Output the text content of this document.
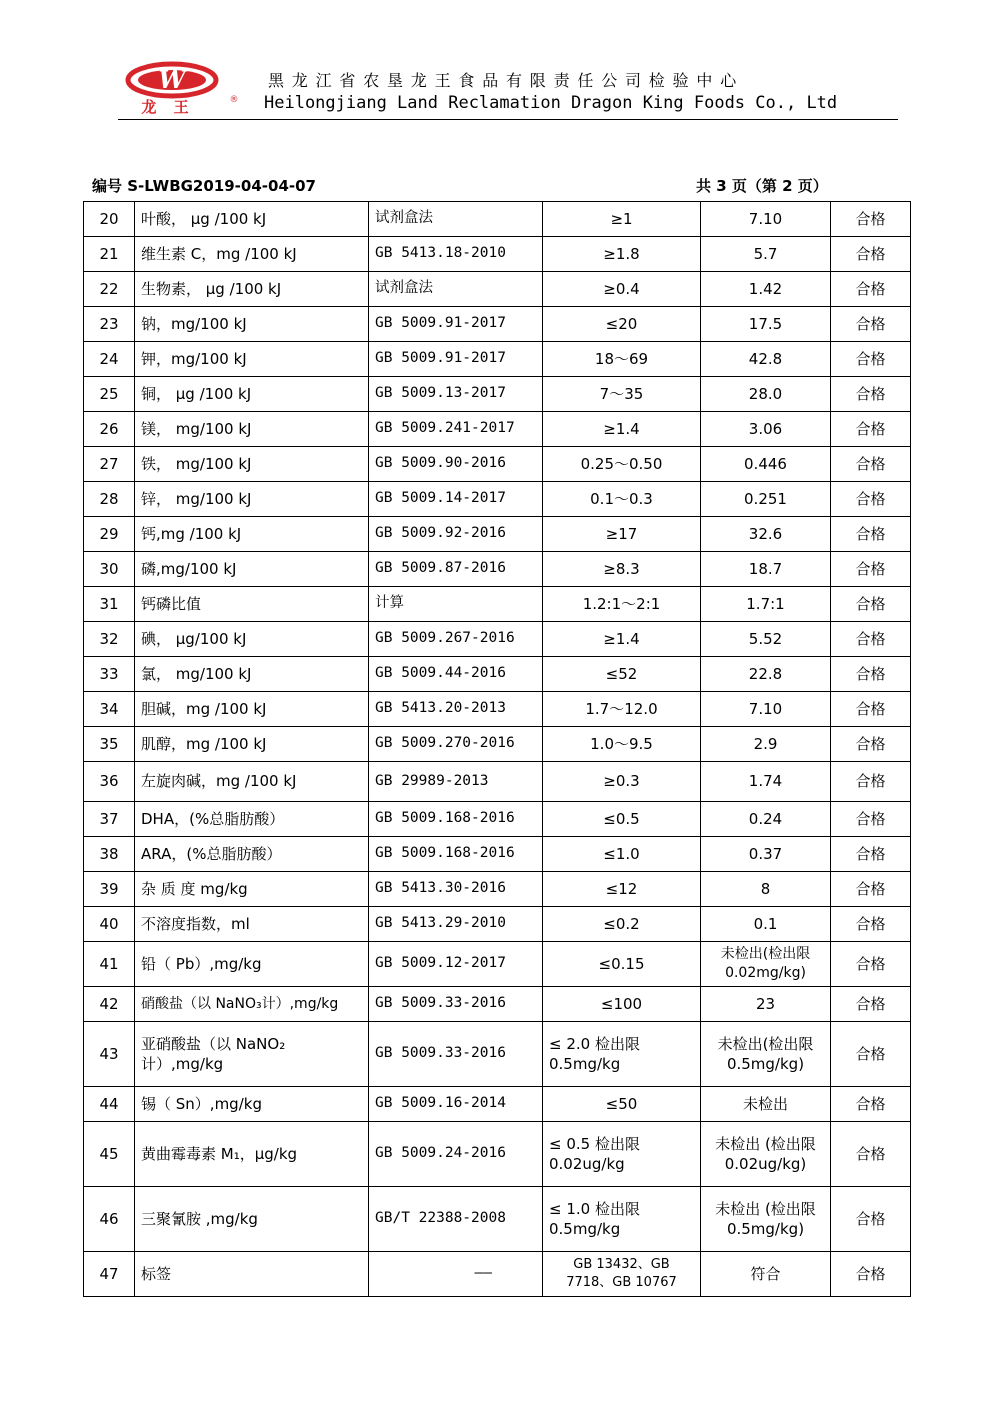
W
龙 王	®
黑龙江省农垦龙王食品有限责任公司检验中心
Heilongjiang Land Reclamation Dragon King Foods Co., Ltd
编号 S-LWBG2019-04-04-07	共 3 页（第 2 页）
20	叶酸， μg /100 kJ	试剂盒法	≥1	7.10	合格
21	维生素 C，mg /100 kJ	GB 5413.18-2010	≥1.8	5.7	合格
22	生物素， μg /100 kJ	试剂盒法	≥0.4	1.42	合格
23	钠，mg/100 kJ	GB 5009.91-2017	≤20	17.5	合格
24	钾，mg/100 kJ	GB 5009.91-2017	18～69	42.8	合格
25	铜， μg /100 kJ	GB 5009.13-2017	7～35	28.0	合格
26	镁， mg/100 kJ	GB 5009.241-2017	≥1.4	3.06	合格
27	铁， mg/100 kJ	GB 5009.90-2016	0.25～0.50	0.446	合格
28	锌， mg/100 kJ	GB 5009.14-2017	0.1～0.3	0.251	合格
29	钙,mg /100 kJ	GB 5009.92-2016	≥17	32.6	合格
30	磷,mg/100 kJ	GB 5009.87-2016	≥8.3	18.7	合格
31	钙磷比值	计算	1.2:1～2:1	1.7:1	合格
32	碘， μg/100 kJ	GB 5009.267-2016	≥1.4	5.52	合格
33	氯， mg/100 kJ	GB 5009.44-2016	≤52	22.8	合格
34	胆碱，mg /100 kJ	GB 5413.20-2013	1.7～12.0	7.10	合格
35	肌醇，mg /100 kJ	GB 5009.270-2016	1.0～9.5	2.9	合格
36	左旋肉碱，mg /100 kJ	GB 29989-2013	≥0.3	1.74	合格
37	DHA，(%总脂肪酸）	GB 5009.168-2016	≤0.5	0.24	合格
38	ARA，(%总脂肪酸）	GB 5009.168-2016	≤1.0	0.37	合格
39	杂 质 度 mg/kg	GB 5413.30-2016	≤12	8	合格
40	不溶度指数，ml	GB 5413.29-2010	≤0.2	0.1	合格
41	铅（ Pb）,mg/kg	GB 5009.12-2017	≤0.15	未检出(检出限 0.02mg/kg)	合格
42	硝酸盐（以 NaNO₃计）,mg/kg	GB 5009.33-2016	≤100	23	合格
43	亚硝酸盐（以 NaNO₂ 计）,mg/kg	GB 5009.33-2016	≤ 2.0 检出限 0.5mg/kg	未检出(检出限 0.5mg/kg)	合格
44	锡（ Sn）,mg/kg	GB 5009.16-2014	≤50	未检出	合格
45	黄曲霉毒素 M₁，μg/kg	GB 5009.24-2016	≤ 0.5 检出限 0.02ug/kg	未检出 (检出限 0.02ug/kg)	合格
46	三聚氰胺 ,mg/kg	GB/T 22388-2008	≤ 1.0 检出限 0.5mg/kg	未检出 (检出限 0.5mg/kg)	合格
47	标签	——	GB 13432、GB 7718、GB 10767	符合	合格
